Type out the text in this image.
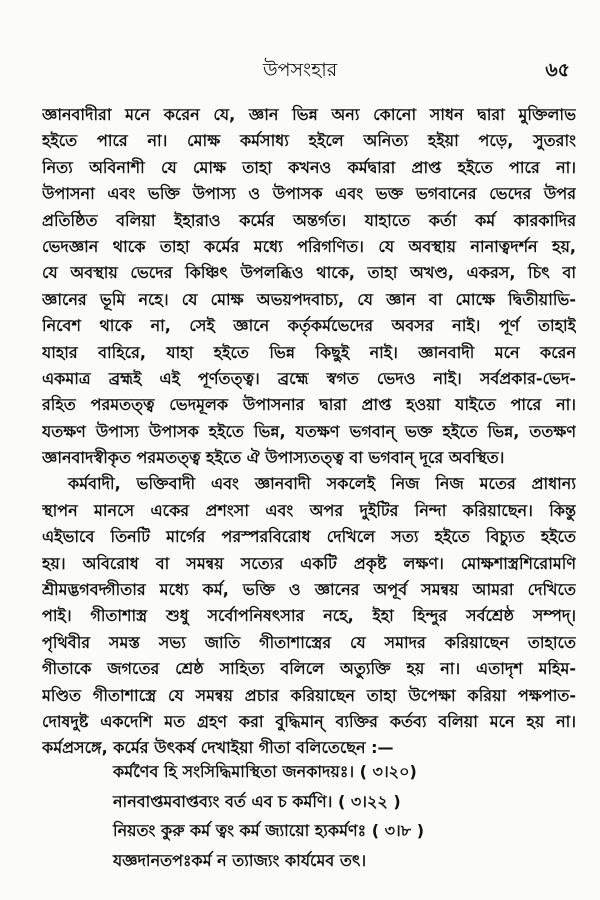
উপসংহার	৬৫
জ্ঞানবাদীরা মনে করেন যে, জ্ঞান ভিন্ন অন্য কোনো সাধন দ্বারা মুক্তিলাভ
হইতে পারে না। মোক্ষ কর্মসাধ্য হইলে অনিত্য হইয়া পড়ে, সুতরাং
নিত্য অবিনাশী যে মোক্ষ তাহা কখনও কর্মদ্বারা প্রাপ্ত হইতে পারে না।
উপাসনা এবং ভক্তি উপাস্য ও উপাসক এবং ভক্ত ভগবানের ভেদের উপর
প্রতিষ্ঠিত বলিয়া ইহারাও কর্মের অন্তর্গত। যাহাতে কর্তা কর্ম কারকাদির
ভেদজ্ঞান থাকে তাহা কর্মের মধ্যে পরিগণিত। যে অবস্থায় নানাত্বদর্শন হয়,
যে অবস্থায় ভেদের কিঞ্চিৎ উপলব্ধিও থাকে, তাহা অখণ্ড, একরস, চিৎ বা
জ্ঞানের ভূমি নহে। যে মোক্ষ অভয়পদবাচ্য, যে জ্ঞান বা মোক্ষে দ্বিতীয়াভি-
নিবেশ থাকে না, সেই জ্ঞানে কর্তৃকর্মভেদের অবসর নাই। পূর্ণ তাহাই
যাহার বাহিরে, যাহা হইতে ভিন্ন কিছুই নাই। জ্ঞানবাদী মনে করেন
একমাত্র ব্রহ্মই এই পূর্ণতত্ত্ব। ব্রহ্মে স্বগত ভেদও নাই। সর্বপ্রকার-ভেদ-
রহিত পরমতত্ত্ব ভেদমূলক উপাসনার দ্বারা প্রাপ্ত হওয়া যাইতে পারে না।
যতক্ষণ উপাস্য উপাসক হইতে ভিন্ন, যতক্ষণ ভগবান্ ভক্ত হইতে ভিন্ন, ততক্ষণ
জ্ঞানবাদস্বীকৃত পরমতত্ত্ব হইতে ঐ উপাস্যতত্ত্ব বা ভগবান্ দূরে অবস্থিত।
কর্মবাদী, ভক্তিবাদী এবং জ্ঞানবাদী সকলেই নিজ নিজ মতের প্রাধান্য
স্থাপন মানসে একের প্রশংসা এবং অপর দুইটির নিন্দা করিয়াছেন। কিন্তু
এইভাবে তিনটি মার্গের পরস্পরবিরোধ দেখিলে সত্য হইতে বিচ্যুত হইতে
হয়। অবিরোধ বা সমন্বয় সত্যের একটি প্রকৃষ্ট লক্ষণ। মোক্ষশাস্ত্রশিরোমণি
শ্রীমদ্ভগবদ্গীতার মধ্যে কর্ম, ভক্তি ও জ্ঞানের অপূর্ব সমন্বয় আমরা দেখিতে
পাই। গীতাশাস্ত্র শুধু সর্বোপনিষৎসার নহে, ইহা হিন্দুর সর্বশ্রেষ্ঠ সম্পদ্।
পৃথিবীর সমস্ত সভ্য জাতি গীতাশাস্ত্রের যে সমাদর করিয়াছেন তাহাতে
গীতাকে জগতের শ্রেষ্ঠ সাহিত্য বলিলে অত্যুক্তি হয় না। এতাদৃশ মহিম-
মণ্ডিত গীতাশাস্ত্রে যে সমন্বয় প্রচার করিয়াছেন তাহা উপেক্ষা করিয়া পক্ষপাত-
দোষদুষ্ট একদেশি মত গ্রহণ করা বুদ্ধিমান্ ব্যক্তির কর্তব্য বলিয়া মনে হয় না।
কর্মপ্রসঙ্গে, কর্মের উৎকর্ষ দেখাইয়া গীতা বলিতেছেন :—
কর্মণৈব হি সংসিদ্ধিমাস্থিতা জনকাদয়ঃ। ( ৩।২০)
নানবাপ্তমবাপ্তব্যং বর্ত এব চ কর্মণি। ( ৩।২২ )
নিয়তং কুরু কর্ম ত্বং কর্ম জ্যায়ো হ্যকর্মণঃ ( ৩।৮ )
যজ্ঞদানতপঃকর্ম ন ত্যাজ্যং কার্যমেব তৎ।
